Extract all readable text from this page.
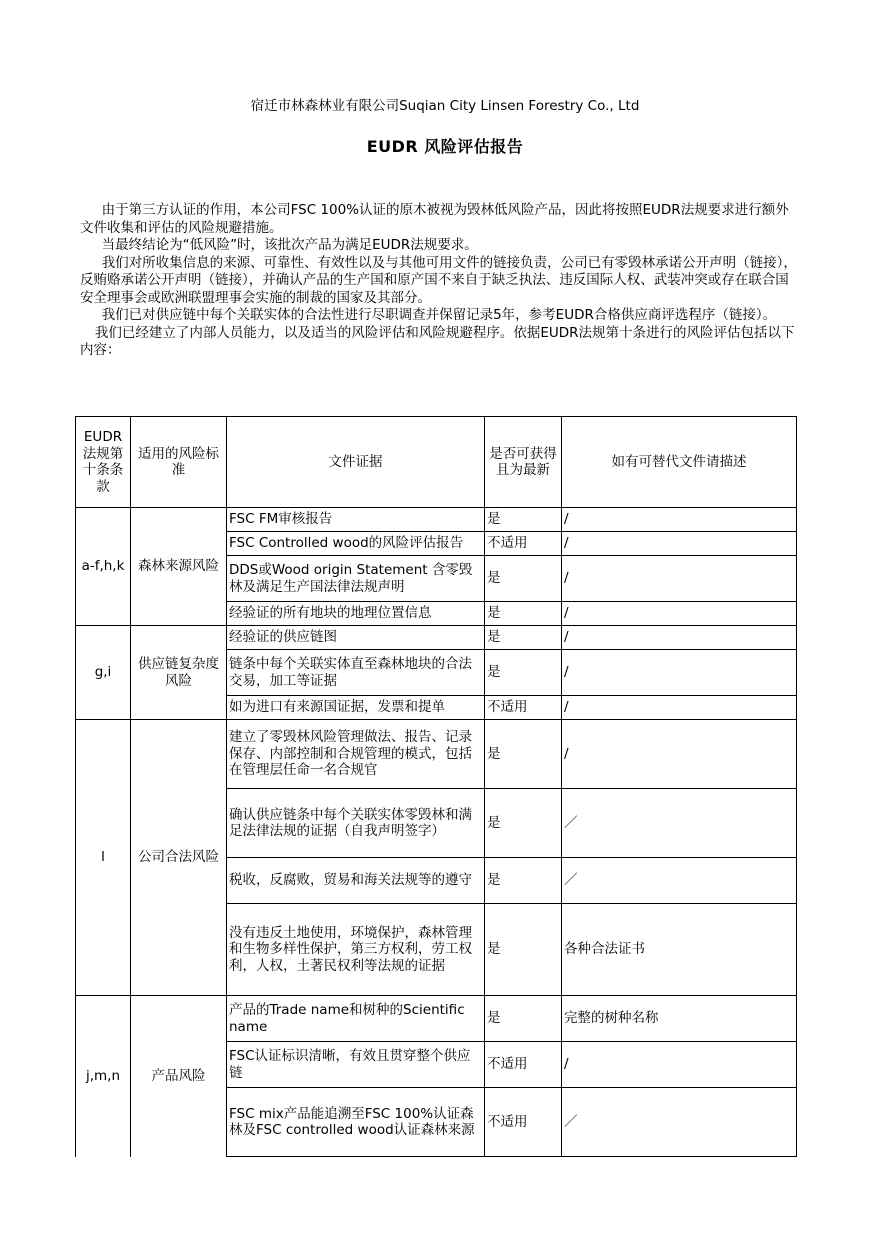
宿迁市林森林业有限公司Suqian City Linsen Forestry Co., Ltd
EUDR 风险评估报告

由于第三方认证的作用，本公司FSC 100%认证的原木被视为毁林低风险产品，因此将按照EUDR法规要求进行额外文件收集和评估的风险规避措施。

当最终结论为“低风险”时，该批次产品为满足EUDR法规要求。

我们对所收集信息的来源、可靠性、有效性以及与其他可用文件的链接负责，公司已有零毁林承诺公开声明（链接），反贿赂承诺公开声明（链接），并确认产品的生产国和原产国不来自于缺乏执法、违反国际人权、武装冲突或存在联合国安全理事会或欧洲联盟理事会实施的制裁的国家及其部分。

我们已对供应链中每个关联实体的合法性进行尽职调查并保留记录5年，参考EUDR合格供应商评选程序（链接）。

我们已经建立了内部人员能力，以及适当的风险评估和风险规避程序。依据EUDR法规第十条进行的风险评估包括以下内容：

EUDR法规第十条条款	适用的风险标准	文件证据	是否可获得且为最新	如有可替代文件请描述
a-f,h,k	森林来源风险	FSC FM审核报告	是	/
		FSC Controlled wood的风险评估报告	不适用	/
		DDS或Wood origin Statement 含零毁林及满足生产国法律法规声明	是	/
		经验证的所有地块的地理位置信息	是	/
g,i	供应链复杂度风险	经验证的供应链图	是	/
		链条中每个关联实体直至森林地块的合法交易，加工等证据	是	/
		如为进口有来源国证据，发票和提单	不适用	/
l	公司合法风险	建立了零毁林风险管理做法、报告、记录保存、内部控制和合规管理的模式，包括在管理层任命一名合规官	是	/
		确认供应链条中每个关联实体零毁林和满足法律法规的证据（自我声明签字）	是	／
		税收，反腐败，贸易和海关法规等的遵守	是	／
		没有违反土地使用，环境保护，森林管理和生物多样性保护，第三方权利，劳工权利，人权，土著民权利等法规的证据	是	各种合法证书
j,m,n	产品风险	产品的Trade name和树种的Scientific name	是	完整的树种名称
		FSC认证标识清晰，有效且贯穿整个供应链	不适用	/
		FSC mix产品能追溯至FSC 100%认证森林及FSC controlled wood认证森林来源	不适用	／
